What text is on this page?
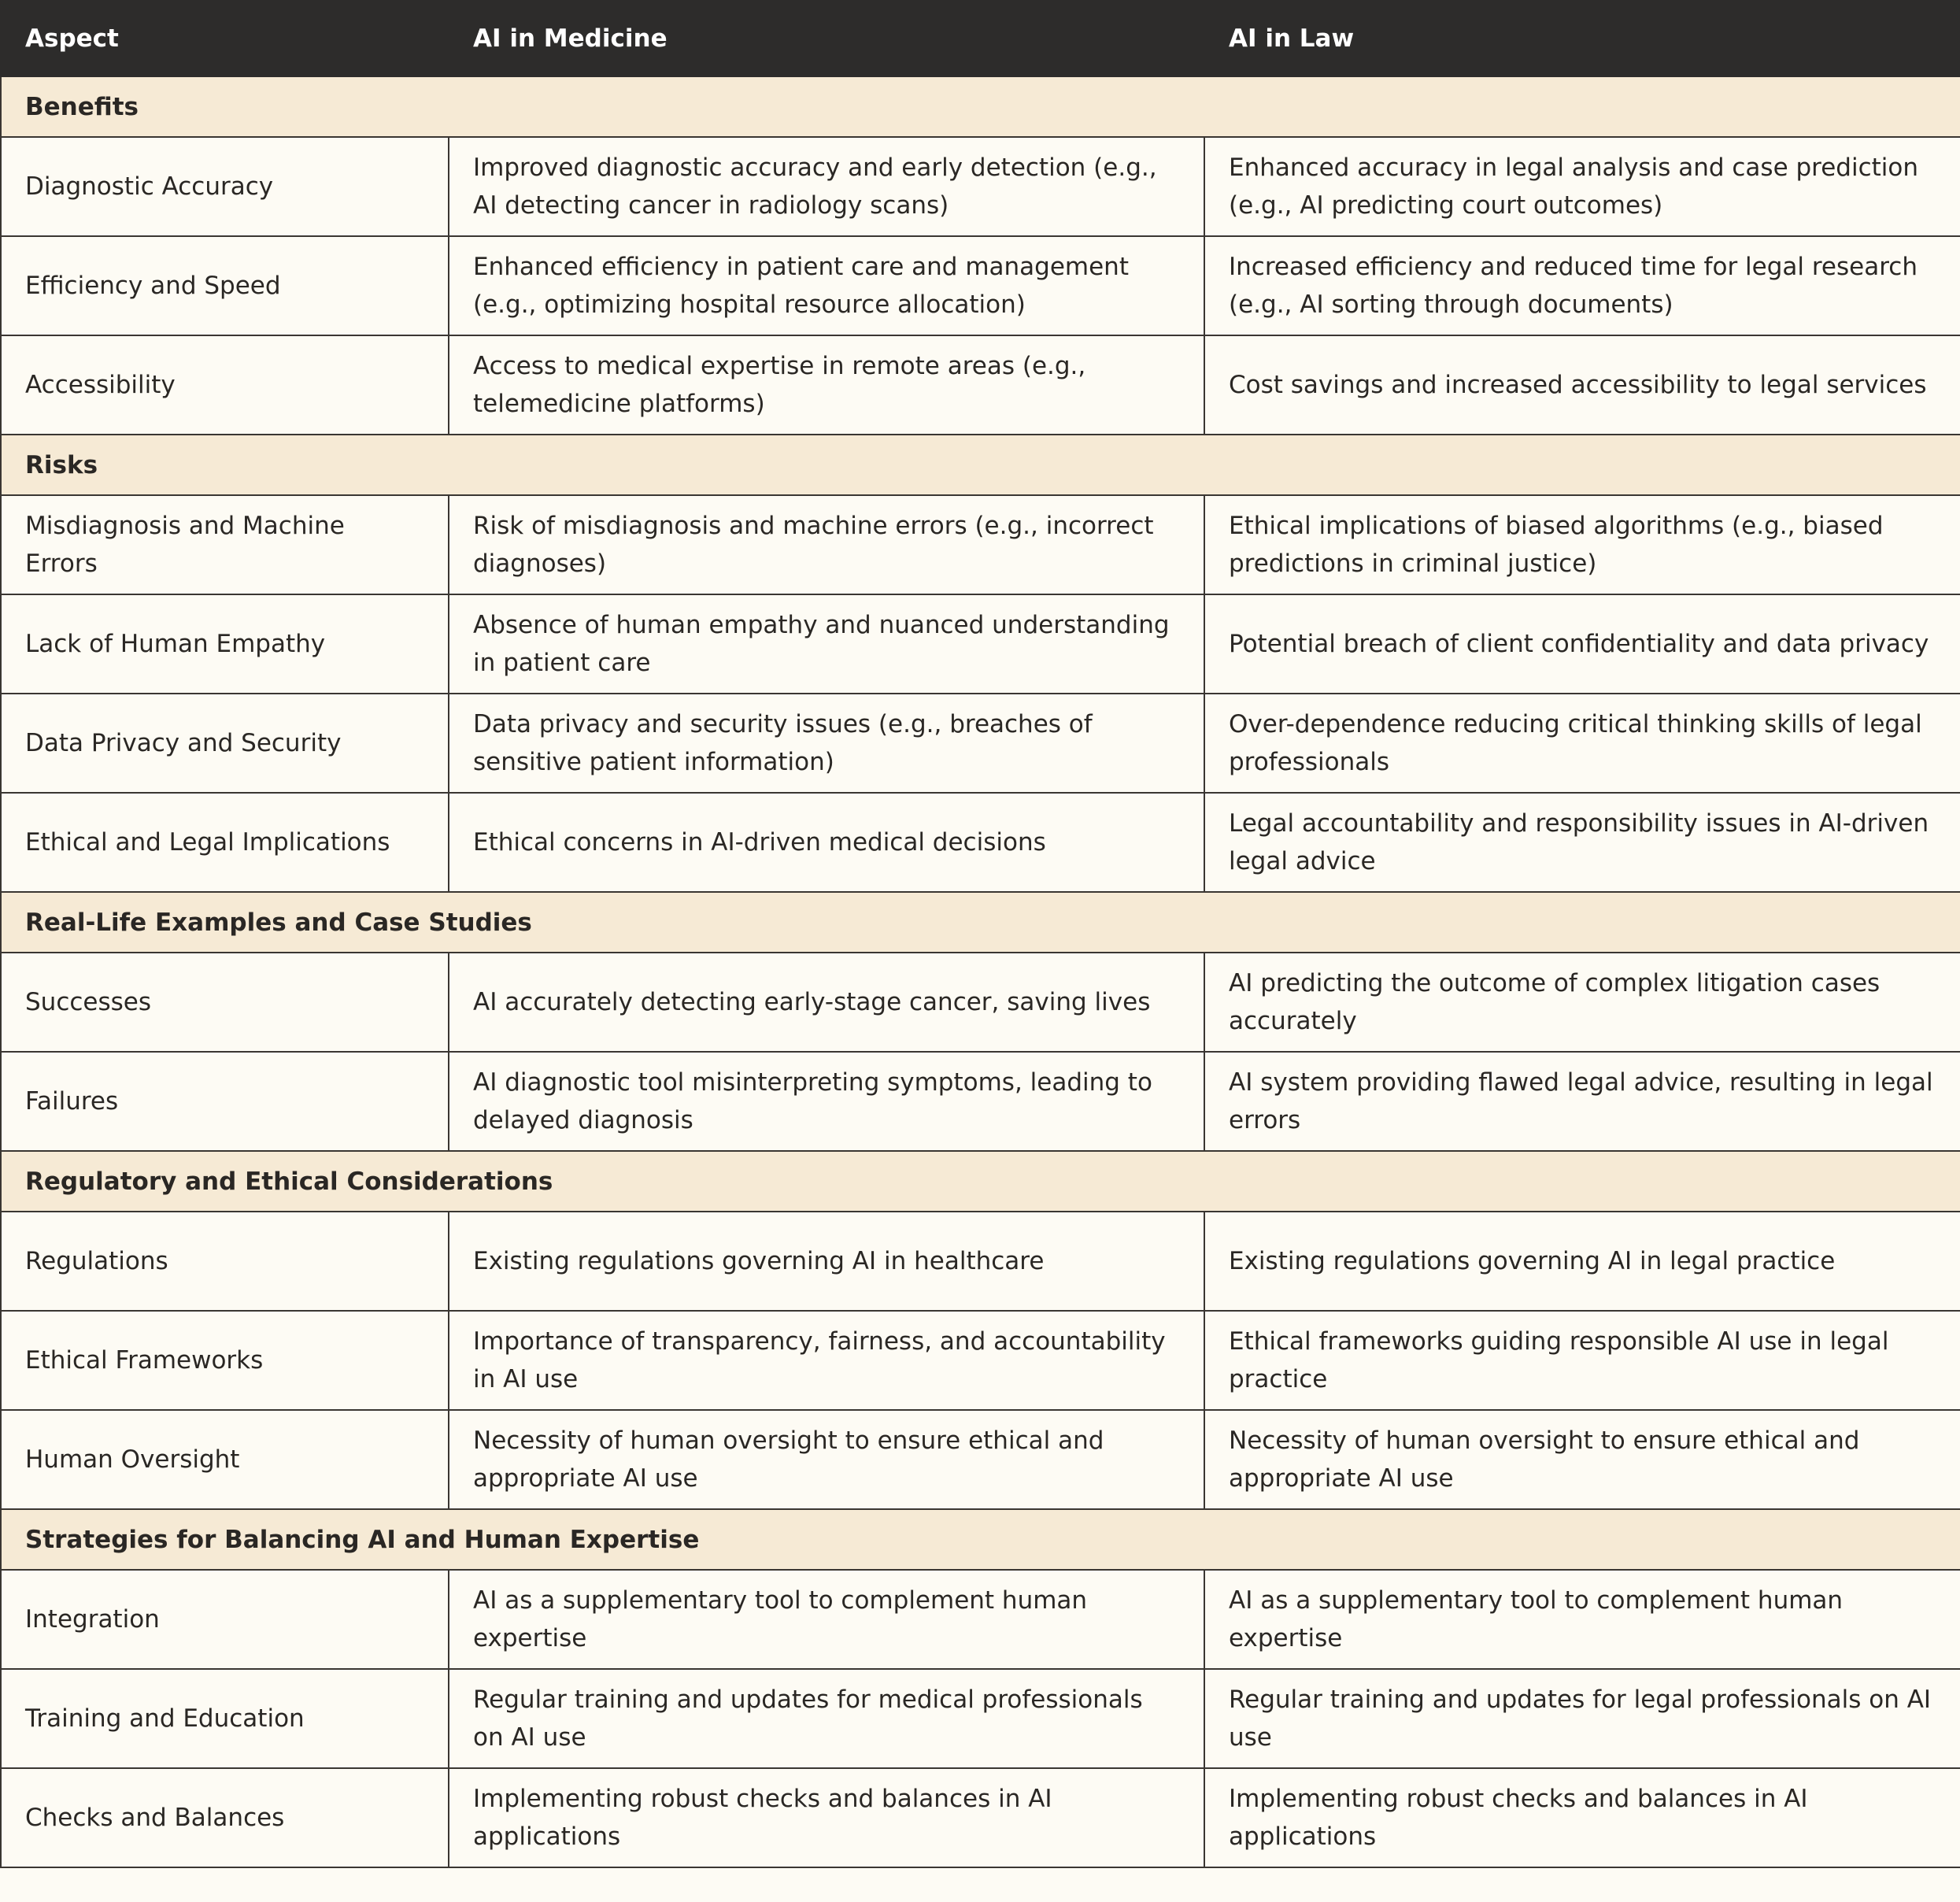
Aspect	AI in Medicine	AI in Law
Benefits		
Diagnostic Accuracy	Improved diagnostic accuracy and early detection (e.g., AI detecting cancer in radiology scans)	Enhanced accuracy in legal analysis and case prediction (e.g., AI predicting court outcomes)
Efficiency and Speed	Enhanced efficiency in patient care and management (e.g., optimizing hospital resource allocation)	Increased efficiency and reduced time for legal research (e.g., AI sorting through documents)
Accessibility	Access to medical expertise in remote areas (e.g., telemedicine platforms)	Cost savings and increased accessibility to legal services
Risks		
Misdiagnosis and Machine Errors	Risk of misdiagnosis and machine errors (e.g., incorrect diagnoses)	Ethical implications of biased algorithms (e.g., biased predictions in criminal justice)
Lack of Human Empathy	Absence of human empathy and nuanced understanding in patient care	Potential breach of client confidentiality and data privacy
Data Privacy and Security	Data privacy and security issues (e.g., breaches of sensitive patient information)	Over-dependence reducing critical thinking skills of legal professionals
Ethical and Legal Implications	Ethical concerns in AI-driven medical decisions	Legal accountability and responsibility issues in AI-driven legal advice
Real-Life Examples and Case Studies		
Successes	AI accurately detecting early-stage cancer, saving lives	AI predicting the outcome of complex litigation cases accurately
Failures	AI diagnostic tool misinterpreting symptoms, leading to delayed diagnosis	AI system providing flawed legal advice, resulting in legal errors
Regulatory and Ethical Considerations		
Regulations	Existing regulations governing AI in healthcare	Existing regulations governing AI in legal practice
Ethical Frameworks	Importance of transparency, fairness, and accountability in AI use	Ethical frameworks guiding responsible AI use in legal practice
Human Oversight	Necessity of human oversight to ensure ethical and appropriate AI use	Necessity of human oversight to ensure ethical and appropriate AI use
Strategies for Balancing AI and Human Expertise		
Integration	AI as a supplementary tool to complement human expertise	AI as a supplementary tool to complement human expertise
Training and Education	Regular training and updates for medical professionals on AI use	Regular training and updates for legal professionals on AI use
Checks and Balances	Implementing robust checks and balances in AI applications	Implementing robust checks and balances in AI applications
